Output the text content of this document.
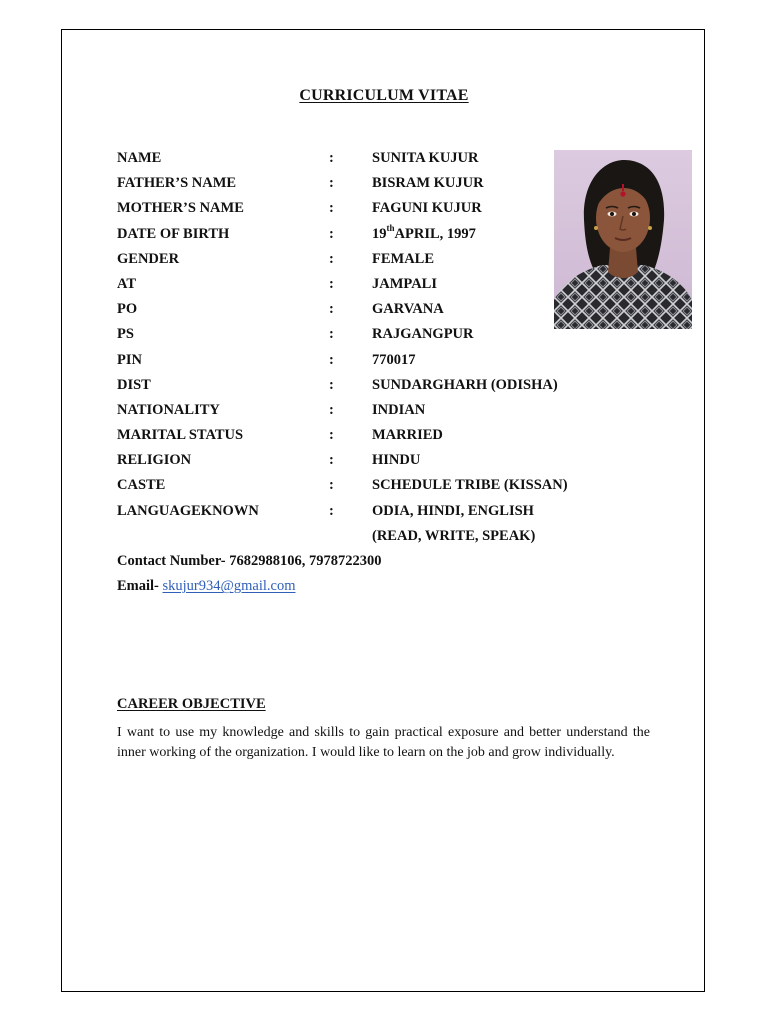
CURRICULUM VITAE
NAME	:	SUNITA KUJUR
FATHER’S NAME	:	BISRAM KUJUR
MOTHER’S NAME	:	FAGUNI KUJUR
DATE OF BIRTH	:	19thAPRIL, 1997
GENDER	:	FEMALE
AT	:	JAMPALI
PO	:	GARVANA
PS	:	RAJGANGPUR
PIN	:	770017
DIST	:	SUNDARGHARH (ODISHA)
NATIONALITY	:	INDIAN
MARITAL STATUS	:	MARRIED
RELIGION	:	HINDU
CASTE	:	SCHEDULE TRIBE (KISSAN)
LANGUAGEKNOWN	:	ODIA, HINDI, ENGLISH
(READ, WRITE, SPEAK)
Contact Number- 7682988106, 7978722300
Email- skujur934@gmail.com
CAREER OBJECTIVE
I want to use my knowledge and skills to gain practical exposure and better understand the inner working of the organization. I would like to learn on the job and grow individually.
